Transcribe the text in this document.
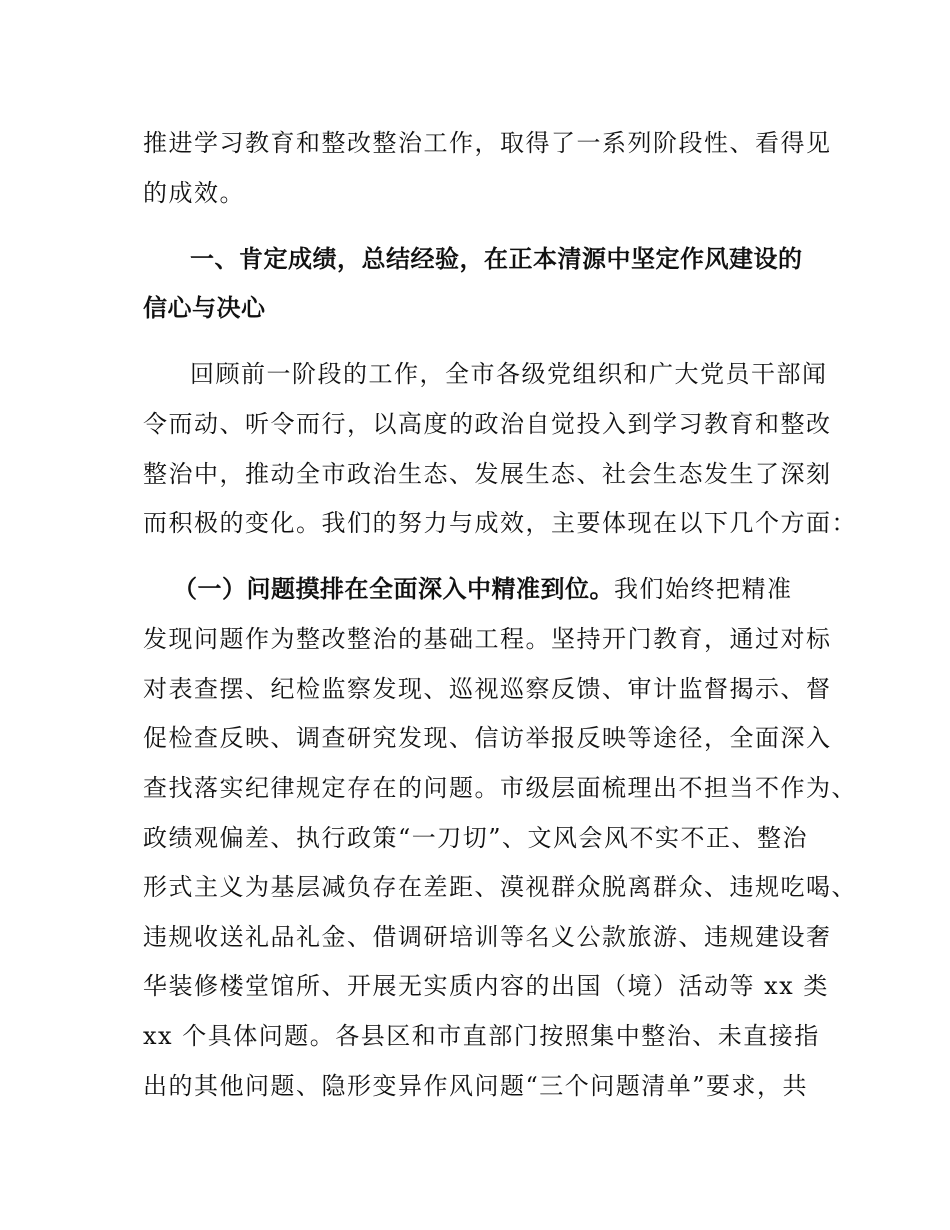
推进学习教育和整改整治工作，取得了一系列阶段性、看得见
的成效。
一、肯定成绩，总结经验，在正本清源中坚定作风建设的
信心与决心
回顾前一阶段的工作，全市各级党组织和广大党员干部闻
令而动、听令而行，以高度的政治自觉投入到学习教育和整改
整治中，推动全市政治生态、发展生态、社会生态发生了深刻
而积极的变化。我们的努力与成效，主要体现在以下几个方面：
（一）问题摸排在全面深入中精准到位。我们始终把精准
发现问题作为整改整治的基础工程。坚持开门教育，通过对标
对表查摆、纪检监察发现、巡视巡察反馈、审计监督揭示、督
促检查反映、调查研究发现、信访举报反映等途径，全面深入
查找落实纪律规定存在的问题。市级层面梳理出不担当不作为、
政绩观偏差、执行政策“一刀切”、文风会风不实不正、整治
形式主义为基层减负存在差距、漠视群众脱离群众、违规吃喝、
违规收送礼品礼金、借调研培训等名义公款旅游、违规建设奢
华装修楼堂馆所、开展无实质内容的出国（境）活动等 xx 类
xx 个具体问题。各县区和市直部门按照集中整治、未直接指
出的其他问题、隐形变异作风问题“三个问题清单”要求，共
